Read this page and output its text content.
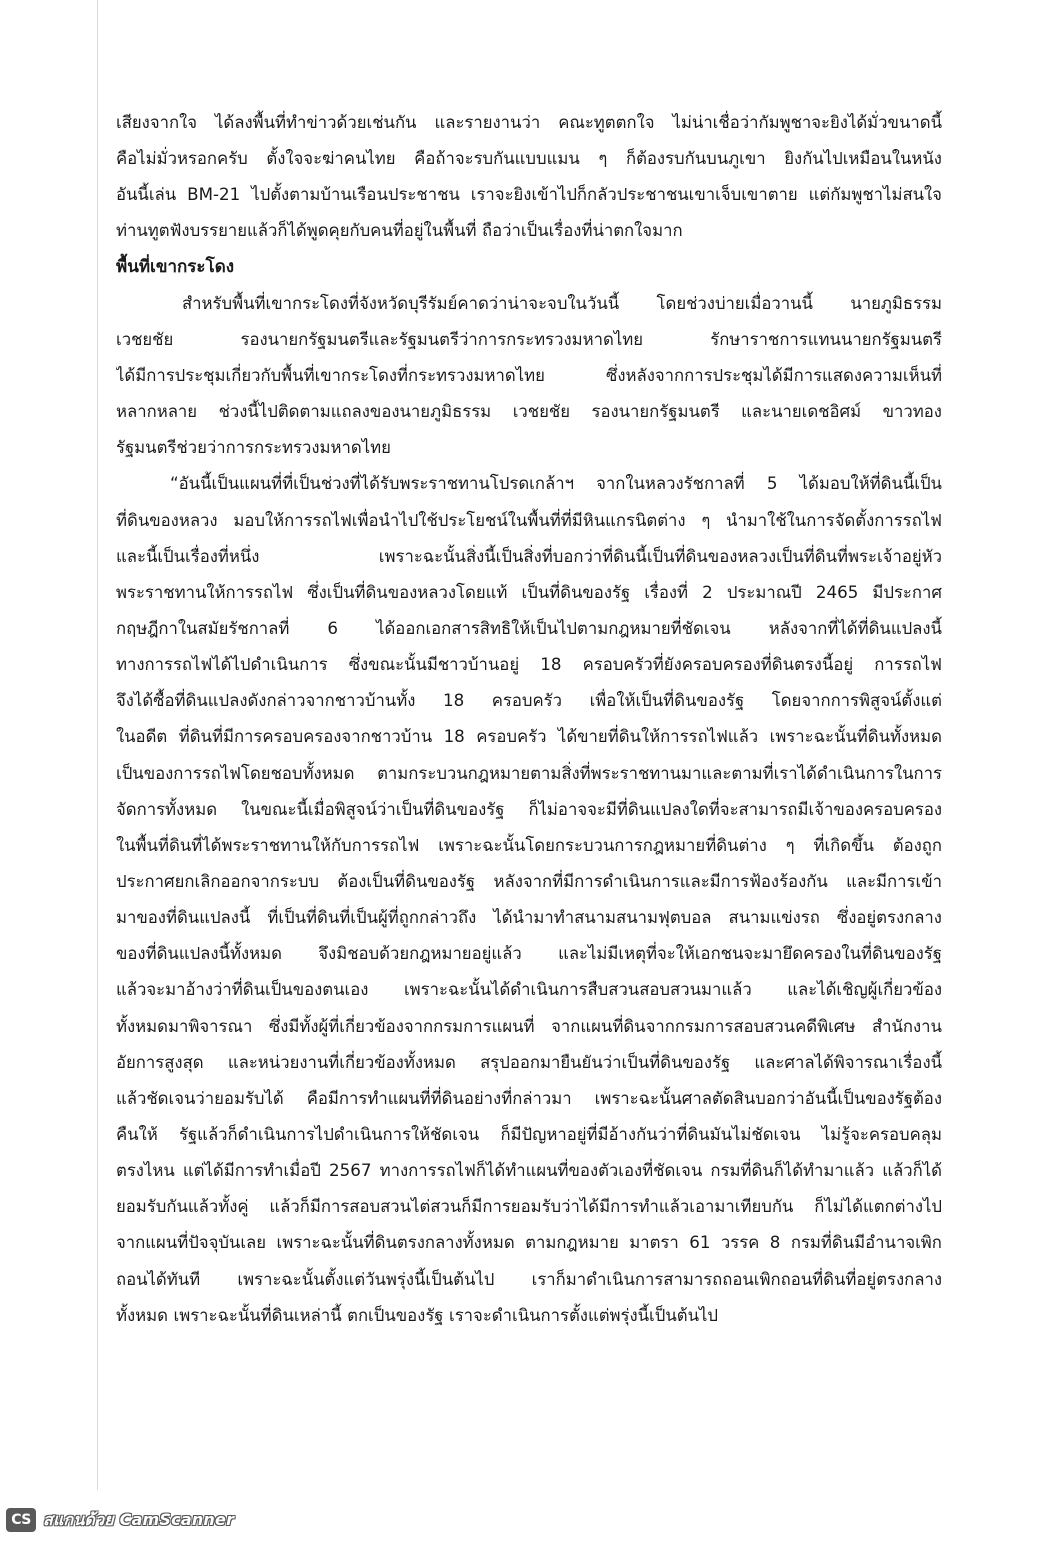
เสียงจากใจ ได้ลงพื้นที่ทำข่าวด้วยเช่นกัน และรายงานว่า คณะทูตตกใจ ไม่น่าเชื่อว่ากัมพูชาจะยิงได้มั่วขนาดนี้
คือไม่มั่วหรอกครับ ตั้งใจจะฆ่าคนไทย คือถ้าจะรบกันแบบแมน ๆ ก็ต้องรบกันบนภูเขา ยิงกันไปเหมือนในหนัง
อันนี้เล่น BM-21 ไปตั้งตามบ้านเรือนประชาชน เราจะยิงเข้าไปก็กลัวประชาชนเขาเจ็บเขาตาย แต่กัมพูชาไม่สนใจ
ท่านทูตฟังบรรยายแล้วก็ได้พูดคุยกับคนที่อยู่ในพื้นที่ ถือว่าเป็นเรื่องที่น่าตกใจมาก
พื้นที่เขากระโดง
สำหรับพื้นที่เขากระโดงที่จังหวัดบุรีรัมย์คาดว่าน่าจะจบในวันนี้ โดยช่วงบ่ายเมื่อวานนี้ นายภูมิธรรม
เวชยชัย	รองนายกรัฐมนตรีและรัฐมนตรีว่าการกระทรวงมหาดไทย	รักษาราชการแทนนายกรัฐมนตรี
ได้มีการประชุมเกี่ยวกับพื้นที่เขากระโดงที่กระทรวงมหาดไทย	ซึ่งหลังจากการประชุมได้มีการแสดงความเห็นที่
หลากหลาย ช่วงนี้ไปติดตามแถลงของนายภูมิธรรม เวชยชัย รองนายกรัฐมนตรี และนายเดชอิศม์ ขาวทอง
รัฐมนตรีช่วยว่าการกระทรวงมหาดไทย
“อันนี้เป็นแผนที่ที่เป็นช่วงที่ได้รับพระราชทานโปรดเกล้าฯ จากในหลวงรัชกาลที่ 5 ได้มอบให้ที่ดินนี้เป็น
ที่ดินของหลวง มอบให้การรถไฟเพื่อนำไปใช้ประโยชน์ในพื้นที่ที่มีหินแกรนิตต่าง ๆ นำมาใช้ในการจัดตั้งการรถไฟ
และนี้เป็นเรื่องที่หนึ่ง	เพราะฉะนั้นสิ่งนี้เป็นสิ่งที่บอกว่าที่ดินนี้เป็นที่ดินของหลวงเป็นที่ดินที่พระเจ้าอยู่หัว
พระราชทานให้การรถไฟ ซึ่งเป็นที่ดินของหลวงโดยแท้ เป็นที่ดินของรัฐ เรื่องที่ 2 ประมาณปี 2465 มีประกาศ
กฤษฎีกาในสมัยรัชกาลที่ 6 ได้ออกเอกสารสิทธิให้เป็นไปตามกฎหมายที่ชัดเจน หลังจากที่ได้ที่ดินแปลงนี้
ทางการรถไฟได้ไปดำเนินการ ซึ่งขณะนั้นมีชาวบ้านอยู่ 18 ครอบครัวที่ยังครอบครองที่ดินตรงนี้อยู่ การรถไฟ
จึงได้ซื้อที่ดินแปลงดังกล่าวจากชาวบ้านทั้ง 18 ครอบครัว เพื่อให้เป็นที่ดินของรัฐ โดยจากการพิสูจน์ตั้งแต่
ในอดีต ที่ดินที่มีการครอบครองจากชาวบ้าน 18 ครอบครัว ได้ขายที่ดินให้การรถไฟแล้ว เพราะฉะนั้นที่ดินทั้งหมด
เป็นของการรถไฟโดยชอบทั้งหมด ตามกระบวนกฎหมายตามสิ่งที่พระราชทานมาและตามที่เราได้ดำเนินการในการ
จัดการทั้งหมด ในขณะนี้เมื่อพิสูจน์ว่าเป็นที่ดินของรัฐ ก็ไม่อาจจะมีที่ดินแปลงใดที่จะสามารถมีเจ้าของครอบครอง
ในพื้นที่ดินที่ได้พระราชทานให้กับการรถไฟ เพราะฉะนั้นโดยกระบวนการกฎหมายที่ดินต่าง ๆ ที่เกิดขึ้น ต้องถูก
ประกาศยกเลิกออกจากระบบ ต้องเป็นที่ดินของรัฐ หลังจากที่มีการดำเนินการและมีการฟ้องร้องกัน และมีการเข้า
มาของที่ดินแปลงนี้ ที่เป็นที่ดินที่เป็นผู้ที่ถูกกล่าวถึง ได้นำมาทำสนามสนามฟุตบอล สนามแข่งรถ ซึ่งอยู่ตรงกลาง
ของที่ดินแปลงนี้ทั้งหมด จึงมิชอบด้วยกฎหมายอยู่แล้ว และไม่มีเหตุที่จะให้เอกชนจะมายึดครองในที่ดินของรัฐ
แล้วจะมาอ้างว่าที่ดินเป็นของตนเอง เพราะฉะนั้นได้ดำเนินการสืบสวนสอบสวนมาแล้ว และได้เชิญผู้เกี่ยวข้อง
ทั้งหมดมาพิจารณา ซึ่งมีทั้งผู้ที่เกี่ยวข้องจากกรมการแผนที่ จากแผนที่ดินจากกรมการสอบสวนคดีพิเศษ สำนักงาน
อัยการสูงสุด และหน่วยงานที่เกี่ยวข้องทั้งหมด สรุปออกมายืนยันว่าเป็นที่ดินของรัฐ และศาลได้พิจารณาเรื่องนี้
แล้วชัดเจนว่ายอมรับได้ คือมีการทำแผนที่ที่ดินอย่างที่กล่าวมา เพราะฉะนั้นศาลตัดสินบอกว่าอันนี้เป็นของรัฐต้อง
คืนให้ รัฐแล้วก็ดำเนินการไปดำเนินการให้ชัดเจน ก็มีปัญหาอยู่ที่มีอ้างกันว่าที่ดินมันไม่ชัดเจน ไม่รู้จะครอบคลุม
ตรงไหน แต่ได้มีการทำเมื่อปี 2567 ทางการรถไฟก็ได้ทำแผนที่ของตัวเองที่ชัดเจน กรมที่ดินก็ได้ทำมาแล้ว แล้วก็ได้
ยอมรับกันแล้วทั้งคู่ แล้วก็มีการสอบสวนไต่สวนก็มีการยอมรับว่าได้มีการทำแล้วเอามาเทียบกัน ก็ไม่ได้แตกต่างไป
จากแผนที่ปัจจุบันเลย เพราะฉะนั้นที่ดินตรงกลางทั้งหมด ตามกฎหมาย มาตรา 61 วรรค 8 กรมที่ดินมีอำนาจเพิก
ถอนได้ทันที เพราะฉะนั้นตั้งแต่วันพรุ่งนี้เป็นต้นไป เราก็มาดำเนินการสามารถถอนเพิกถอนที่ดินที่อยู่ตรงกลาง
ทั้งหมด เพราะฉะนั้นที่ดินเหล่านี้ ตกเป็นของรัฐ เราจะดำเนินการตั้งแต่พรุ่งนี้เป็นต้นไป
CS สแกนด้วย CamScanner
